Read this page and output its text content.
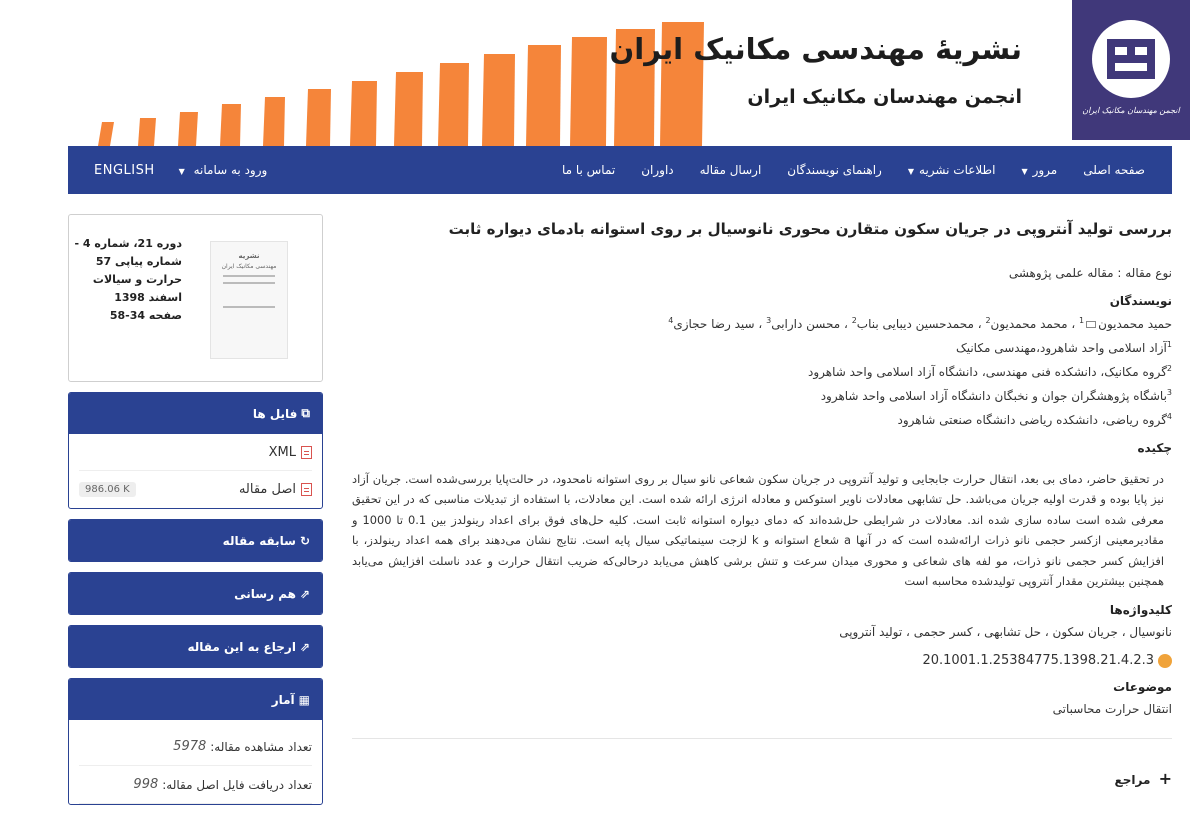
نشریهٔ مهندسی مکانیک ایران
انجمن مهندسان مکانیک ایران
انجمن مهندسان مکانیک ایران
صفحه اصلی
مرور▼
اطلاعات نشریه▼
راهنمای نویسندگان
ارسال مقاله
داوران
تماس با ما
ورود به سامانه ▼
ENGLISH
دوره 21، شماره 4 -
شماره پیاپی 57
حرارت و سیالات
اسفند 1398
صفحه 34-58
نشریه
مهندسی مکانیک ایران
⧉
فایل ها
XML
اصل مقاله
986.06 K
↻
سابقه مقاله
⇗
هم رسانی
⇗
ارجاع به این مقاله
▦
آمار
تعداد مشاهده مقاله:
5978
تعداد دریافت فایل اصل مقاله:
998
بررسی تولید آنتروپی در جریان سکون متقارن محوری نانوسیال بر روی استوانه بادمای دیواره ثابت
نوع مقاله : مقاله علمی پژوهشی
نویسندگان
حمید محمدیون$^1$ ، محمد محمدیون$^2$ ، محمدحسین دیبایی بناب$^2$ ، محسن دارابی$^3$ ، سید رضا حجازی$^4$
$^1$آزاد اسلامی واحد شاهرود،مهندسی مکانیک
$^2$گروه مکانیک، دانشکده فنی مهندسی، دانشگاه آزاد اسلامی واحد شاهرود
$^3$باشگاه پژوهشگران جوان و نخبگان دانشگاه آزاد اسلامی واحد شاهرود
$^4$گروه ریاضی، دانشکده ریاضی دانشگاه صنعتی شاهرود
چکیده

در تحقیق حاضر، دمای بی بعد، انتقال حرارت جابجایی و تولید آنتروپی در جریان سکون شعاعی نانو سیال بر روی استوانه نامحدود، در حالت‌پایا بررسی‌شده است. جریان آزاد نیز پایا بوده و قدرت اولیه جریان می‌باشد. حل تشابهی معادلات ناویر استوکس و معادله انرژی ارائه شده است. این معادلات، با استفاده از تبدیلات مناسبی که در این تحقیق معرفی شده است ساده سازی شده اند. معادلات در شرایطی حل‌شده‌اند که دمای دیواره استوانه ثابت است. کلیه حل‌های فوق برای اعداد رینولدز بین 0.1 تا 1000 و مقادیرمعینی ازکسر حجمی نانو ذرات ارائه‌شده است که در آنها a شعاع استوانه و k لزجت سینماتیکی سیال پایه است. نتایج نشان می‌دهند برای همه اعداد رینولدز، با افزایش کسر حجمی نانو ذرات، مو لفه های شعاعی و محوری میدان سرعت و تنش برشی کاهش می‌یابد درحالی‌که ضریب انتقال حرارت و عدد ناسلت افزایش می‌یابد همچنین بیشترین مقدار آنتروپی تولیدشده محاسبه است

کلیدواژه‌ها
نانوسیال ، جریان سکون ، حل تشابهی ، کسر حجمی ، تولید آنتروپی
20.1001.1.25384775.1398.21.4.2.3
موضوعات
انتقال حرارت محاسباتی
+ مراجع
